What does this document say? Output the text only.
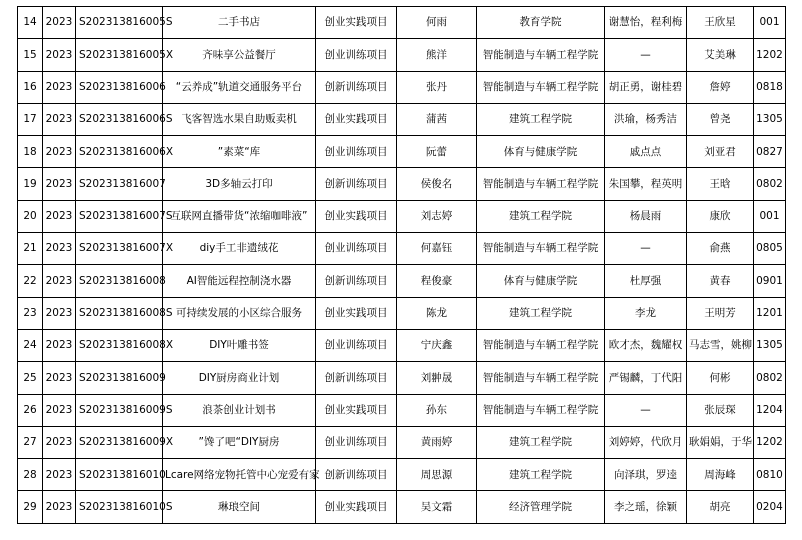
14	2023	S202313816005S	二手书店	创业实践项目	何雨	教育学院	谢慧怡，程利梅	王欣星	001
15	2023	S202313816005X	齐味享公益餐厅	创业训练项目	熊洋	智能制造与车辆工程学院	—	艾美琳	1202
16	2023	S202313816006	“云养成”轨道交通服务平台	创新训练项目	张丹	智能制造与车辆工程学院	胡正勇，谢桂碧	詹婷	0818
17	2023	S202313816006S	飞客智选水果自助贩卖机	创业实践项目	蒲茜	建筑工程学院	洪瑜，杨秀洁	曾尧	1305
18	2023	S202313816006X	”素菜“库	创业训练项目	阮蕾	体育与健康学院	戚点点	刘亚君	0827
19	2023	S202313816007	3D多轴云打印	创新训练项目	侯俊名	智能制造与车辆工程学院	朱国攀，程英明	王晗	0802
20	2023	S202313816007S	互联网直播带货“浓缩咖啡液”	创业实践项目	刘志婷	建筑工程学院	杨晨雨	康欣	001
21	2023	S202313816007X	diy手工非遗绒花	创业训练项目	何嘉钰	智能制造与车辆工程学院	—	俞燕	0805
22	2023	S202313816008	AI智能远程控制浇水器	创新训练项目	程俊豪	体育与健康学院	杜厚强	黄春	0901
23	2023	S202313816008S	可持续发展的小区综合服务	创业实践项目	陈龙	建筑工程学院	李龙	王明芳	1201
24	2023	S202313816008X	DIY叶雕书签	创业训练项目	宁庆鑫	智能制造与车辆工程学院	欧才杰，魏耀权	马志雪，姚柳	1305
25	2023	S202313816009	DIY厨房商业计划	创新训练项目	刘翀晟	智能制造与车辆工程学院	严锡麟，丁代阳	何彬	0802
26	2023	S202313816009S	浪茶创业计划书	创业实践项目	孙东	智能制造与车辆工程学院	—	张辰琛	1204
27	2023	S202313816009X	”馋了吧“DIY厨房	创业训练项目	黄雨婷	建筑工程学院	刘婷婷，代欣月	耿娟娟，于华	1202
28	2023	S202313816010	Lcare网络宠物托管中心宠爱有家	创新训练项目	周思源	建筑工程学院	向泽琪，罗逵	周海峰	0810
29	2023	S202313816010S	琳琅空间	创业实践项目	吴文霜	经济管理学院	李之瑶，徐颖	胡亮	0204
